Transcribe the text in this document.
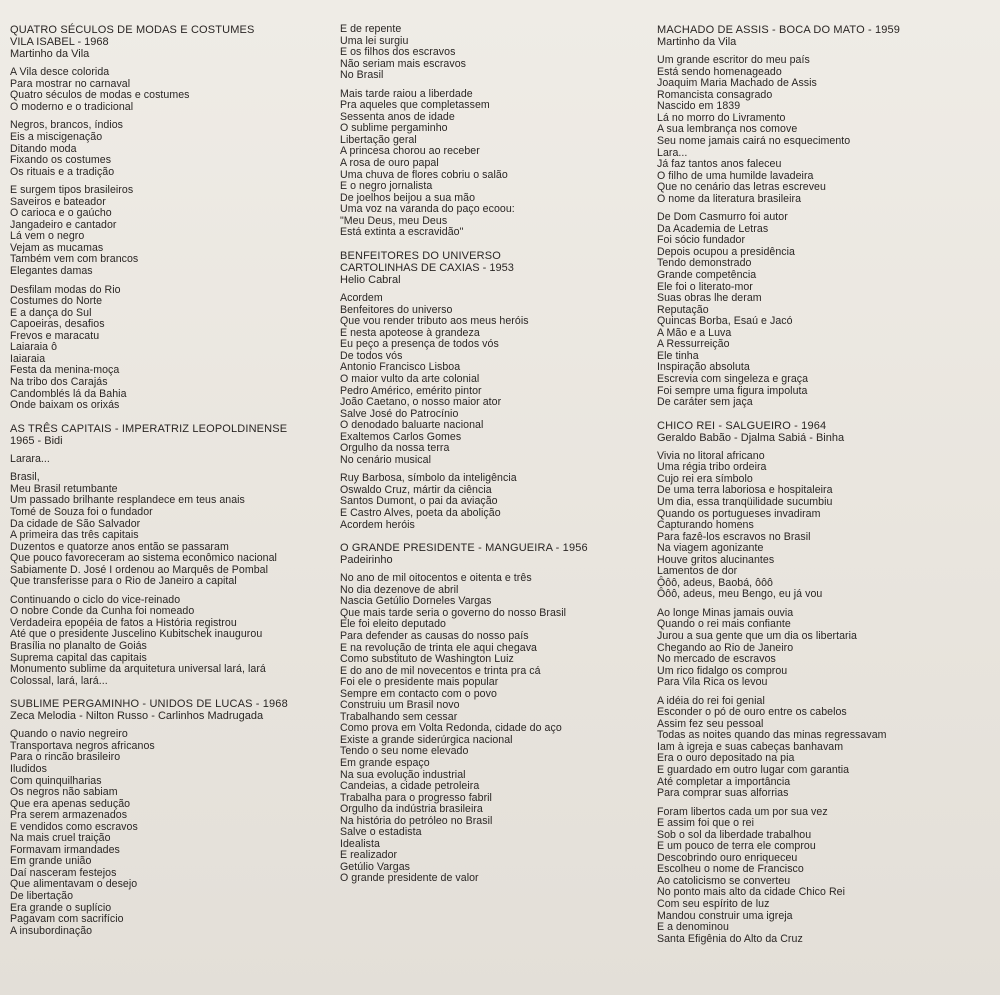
QUATRO SÉCULOS DE MODAS E COSTUMES
VILA ISABEL - 1968
Martinho da Vila
A Vila desce colorida
Para mostrar no carnaval
Quatro séculos de modas e costumes
O moderno e o tradicional
Negros, brancos, índios
Eis a miscigenação
Ditando moda
Fixando os costumes
Os rituais e a tradição
E surgem tipos brasileiros
Saveiros e bateador
O carioca e o gaúcho
Jangadeiro e cantador
Lá vem o negro
Vejam as mucamas
Também vem com brancos
Elegantes damas
Desfilam modas do Rio
Costumes do Norte
E a dança do Sul
Capoeiras, desafios
Frevos e maracatu
Laiaraia ô
Iaiaraia
Festa da menina-moça
Na tribo dos Carajás
Candomblés lá da Bahia
Onde baixam os orixás
AS TRÊS CAPITAIS - IMPERATRIZ LEOPOLDINENSE
1965 - Bidi
Larara...
Brasil,
Meu Brasil retumbante
Um passado brilhante resplandece em teus anais
Tomé de Souza foi o fundador
Da cidade de São Salvador
A primeira das três capitais
Duzentos e quatorze anos então se passaram
Que pouco favoreceram ao sistema econômico nacional
Sabiamente D. José I ordenou ao Marquês de Pombal
Que transferisse para o Rio de Janeiro a capital
Continuando o ciclo do vice-reinado
O nobre Conde da Cunha foi nomeado
Verdadeira epopéia de fatos a História registrou
Até que o presidente Juscelino Kubitschek inaugurou
Brasília no planalto de Goiás
Suprema capital das capitais
Monumento sublime da arquitetura universal lará, lará
Colossal, lará, lará...
SUBLIME PERGAMINHO - UNIDOS DE LUCAS - 1968
Zeca Melodia - Nilton Russo - Carlinhos Madrugada
Quando o navio negreiro
Transportava negros africanos
Para o rincão brasileiro
Iludidos
Com quinquilharias
Os negros não sabiam
Que era apenas sedução
Pra serem armazenados
E vendidos como escravos
Na mais cruel traição
Formavam irmandades
Em grande união
Daí nasceram festejos
Que alimentavam o desejo
De libertação
Era grande o suplício
Pagavam com sacrifício
A insubordinação
E de repente
Uma lei surgiu
E os filhos dos escravos
Não seriam mais escravos
No Brasil
Mais tarde raiou a liberdade
Pra aqueles que completassem
Sessenta anos de idade
O sublime pergaminho
Libertação geral
A princesa chorou ao receber
A rosa de ouro papal
Uma chuva de flores cobriu o salão
E o negro jornalista
De joelhos beijou a sua mão
Uma voz na varanda do paço ecoou:
"Meu Deus, meu Deus
Está extinta a escravidão"
BENFEITORES DO UNIVERSO
CARTOLINHAS DE CAXIAS - 1953
Helio Cabral
Acordem
Benfeitores do universo
Que vou render tributo aos meus heróis
E nesta apoteose à grandeza
Eu peço a presença de todos vós
De todos vós
Antonio Francisco Lisboa
O maior vulto da arte colonial
Pedro Américo, emérito pintor
João Caetano, o nosso maior ator
Salve José do Patrocínio
O denodado baluarte nacional
Exaltemos Carlos Gomes
Orgulho da nossa terra
No cenário musical
Ruy Barbosa, símbolo da inteligência
Oswaldo Cruz, mártir da ciência
Santos Dumont, o pai da aviação
E Castro Alves, poeta da abolição
Acordem heróis
O GRANDE PRESIDENTE - MANGUEIRA - 1956
Padeirinho
No ano de mil oitocentos e oitenta e três
No dia dezenove de abril
Nascia Getúlio Dorneles Vargas
Que mais tarde seria o governo do nosso Brasil
Ele foi eleito deputado
Para defender as causas do nosso país
E na revolução de trinta ele aqui chegava
Como substituto de Washington Luiz
E do ano de mil novecentos e trinta pra cá
Foi ele o presidente mais popular
Sempre em contacto com o povo
Construiu um Brasil novo
Trabalhando sem cessar
Como prova em Volta Redonda, cidade do aço
Existe a grande siderúrgica nacional
Tendo o seu nome elevado
Em grande espaço
Na sua evolução industrial
Candeias, a cidade petroleira
Trabalha para o progresso fabril
Orgulho da indústria brasileira
Na história do petróleo no Brasil
Salve o estadista
Idealista
E realizador
Getúlio Vargas
O grande presidente de valor
MACHADO DE ASSIS - BOCA DO MATO - 1959
Martinho da Vila
Um grande escritor do meu país
Está sendo homenageado
Joaquim Maria Machado de Assis
Romancista consagrado
Nascido em 1839
Lá no morro do Livramento
A sua lembrança nos comove
Seu nome jamais cairá no esquecimento
Lara...
Já faz tantos anos faleceu
O filho de uma humilde lavadeira
Que no cenário das letras escreveu
O nome da literatura brasileira
De Dom Casmurro foi autor
Da Academia de Letras
Foi sócio fundador
Depois ocupou a presidência
Tendo demonstrado
Grande competência
Ele foi o literato-mor
Suas obras lhe deram
Reputação
Quincas Borba, Esaú e Jacó
A Mão e a Luva
A Ressurreição
Ele tinha
Inspiração absoluta
Escrevia com singeleza e graça
Foi sempre uma figura impoluta
De caráter sem jaça
CHICO REI - SALGUEIRO - 1964
Geraldo Babão - Djalma Sabiá - Binha
Vivia no litoral africano
Uma régia tribo ordeira
Cujo rei era símbolo
De uma terra laboriosa e hospitaleira
Um dia, essa tranqüilidade sucumbiu
Quando os portugueses invadiram
Capturando homens
Para fazê-los escravos no Brasil
Na viagem agonizante
Houve gritos alucinantes
Lamentos de dor
Ôôô, adeus, Baobá, ôôô
Ôôô, adeus, meu Bengo, eu já vou
Ao longe Minas jamais ouvia
Quando o rei mais confiante
Jurou a sua gente que um dia os libertaria
Chegando ao Rio de Janeiro
No mercado de escravos
Um rico fidalgo os comprou
Para Vila Rica os levou
A idéia do rei foi genial
Esconder o pó de ouro entre os cabelos
Assim fez seu pessoal
Todas as noites quando das minas regressavam
Iam à igreja e suas cabeças banhavam
Era o ouro depositado na pia
E guardado em outro lugar com garantia
Até completar a importância
Para comprar suas alforrias
Foram libertos cada um por sua vez
E assim foi que o rei
Sob o sol da liberdade trabalhou
E um pouco de terra ele comprou
Descobrindo ouro enriqueceu
Escolheu o nome de Francisco
Ao catolicismo se converteu
No ponto mais alto da cidade Chico Rei
Com seu espírito de luz
Mandou construir uma igreja
E a denominou
Santa Efigênia do Alto da Cruz
